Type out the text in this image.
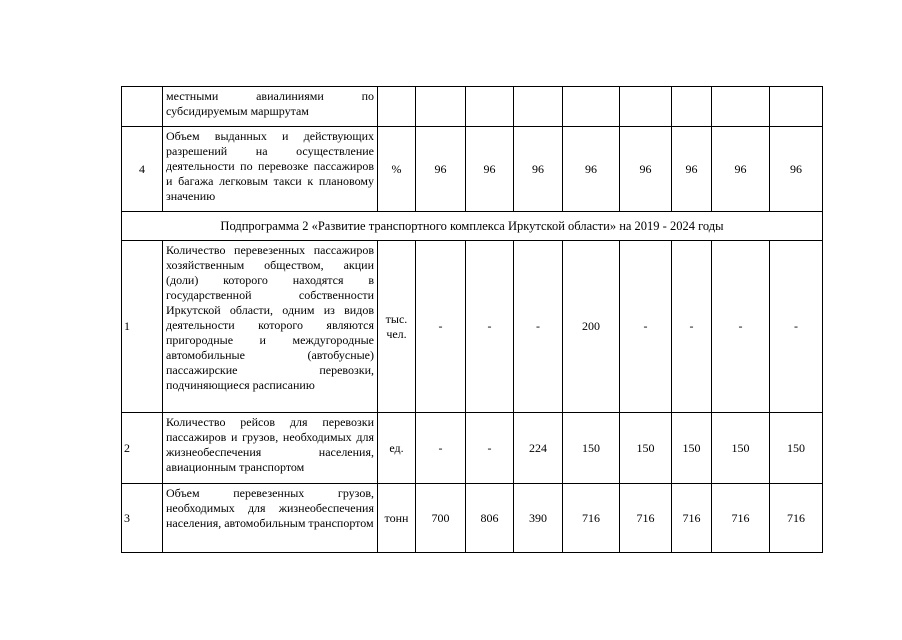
	местными авиалиниями по субсидируемым маршрутам									
4	Объем выданных и действующих разрешений на осуществление деятельности по перевозке пассажиров и багажа легковым такси к плановому значению	%	96	96	96	96	96	96	96	96
Подпрограмма 2 «Развитие транспортного комплекса Иркутской области» на 2019 - 2024 годы										
1	Количество перевезенных пассажиров хозяйственным обществом, акции (доли) которого находятся в государственной собственности Иркутской области, одним из видов деятельности которого являются пригородные и междугородные автомобильные (автобусные) пассажирские перевозки, подчиняющиеся расписанию	тыс. чел.	-	-	-	200	-	-	-	-
2	Количество рейсов для перевозки пассажиров и грузов, необходимых для жизнеобеспечения населения, авиационным транспортом	ед.	-	-	224	150	150	150	150	150
3	Объем перевезенных грузов, необходимых для жизнеобеспечения населения, автомобильным транспортом	тонн	700	806	390	716	716	716	716	716
